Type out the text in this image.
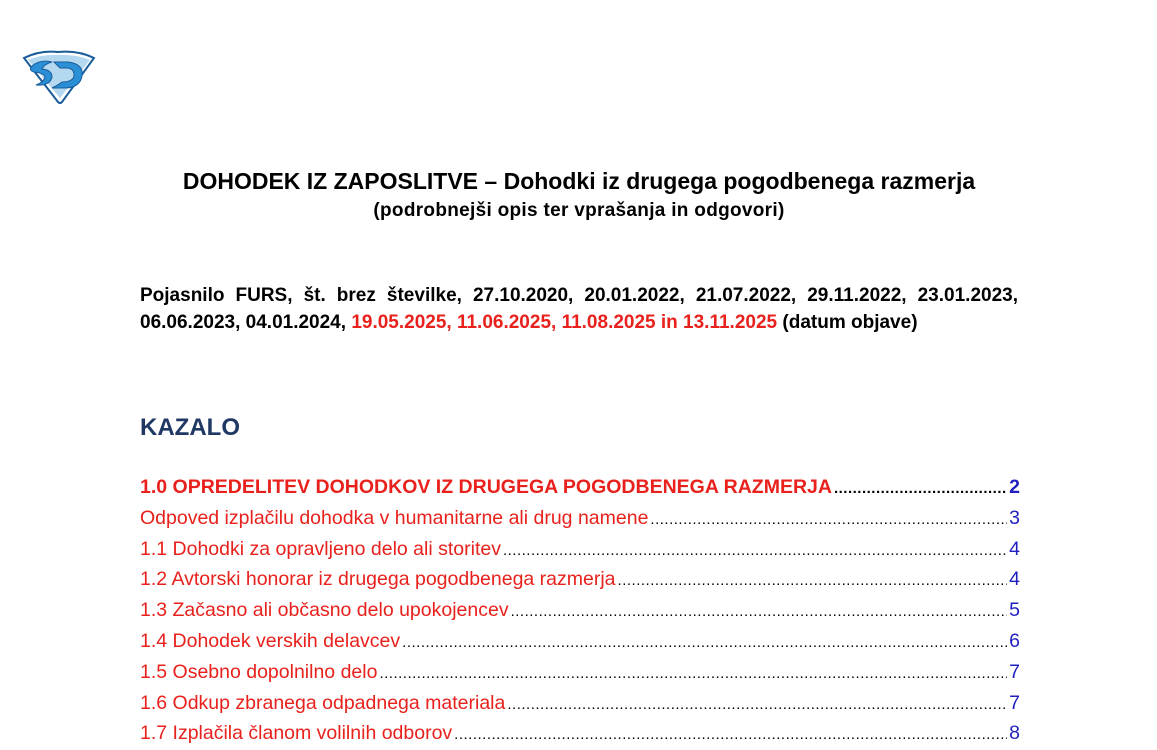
DOHODEK IZ ZAPOSLITVE – Dohodki iz drugega pogodbenega razmerja

(podrobnejši opis ter vprašanja in odgovori)

Pojasnilo FURS, št. brez številke, 27.10.2020, 20.01.2022, 21.07.2022, 29.11.2022, 23.01.2023, 06.06.2023, 04.01.2024, 19.05.2025, 11.06.2025, 11.08.2025 in 13.11.2025 (datum objave)
KAZALO
1.0 OPREDELITEV DOHODKOV IZ DRUGEGA POGODBENEGA RAZMERJA .....	2
Odpoved izplačilu dohodka v humanitarne ali drug namene .....	3
1.1 Dohodki za opravljeno delo ali storitev .....	4
1.2 Avtorski honorar iz drugega pogodbenega razmerja .....	4
1.3 Začasno ali občasno delo upokojencev .....	5
1.4 Dohodek verskih delavcev .....	6
1.5 Osebno dopolnilno delo .....	7
1.6 Odkup zbranega odpadnega materiala .....	7
1.7 Izplačila članom volilnih odborov .....	8
